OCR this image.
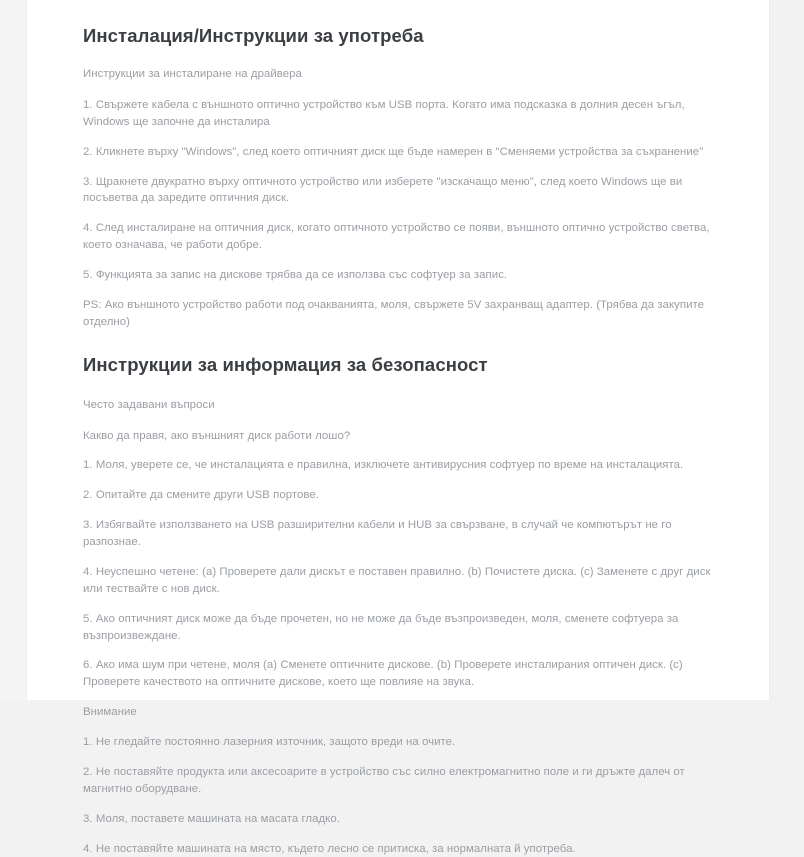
Инсталация/Инструкции за употреба

Инструкции за инсталиране на драйвера

1. Свържете кабела с външното оптично устройство към USB порта. Когато има подсказка в долния десен ъгъл, Windows ще започне да инсталира

2. Кликнете върху "Windows", след което оптичният диск ще бъде намерен в "Сменяеми устройства за съхранение"

3. Щракнете двукратно върху оптичното устройство или изберете "изскачащо меню", след което Windows ще ви посъветва да заредите оптичния диск.

4. След инсталиране на оптичния диск, когато оптичното устройство се появи, външното оптично устройство светва, което означава, че работи добре.

5. Функцията за запис на дискове трябва да се използва със софтуер за запис.

PS: Ако външното устройство работи под очакванията, моля, свържете 5V захранващ адаптер. (Трябва да закупите отделно)

Инструкции за информация за безопасност

Често задавани въпроси

Какво да правя, ако външният диск работи лошо?

1. Моля, уверете се, че инсталацията е правилна, изключете антивирусния софтуер по време на инсталацията.

2. Опитайте да смените други USB портове.

3. Избягвайте използването на USB разширителни кабели и HUB за свързване, в случай че компютърът не го разпознае.

4. Неуспешно четене: (a) Проверете дали дискът е поставен правилно. (b) Почистете диска. (c) Заменете с друг диск или тествайте с нов диск.

5. Ако оптичният диск може да бъде прочетен, но не може да бъде възпроизведен, моля, сменете софтуера за възпроизвеждане.

6. Ако има шум при четене, моля (a) Сменете оптичните дискове. (b) Проверете инсталирания оптичен диск. (c) Проверете качеството на оптичните дискове, което ще повлияе на звука.

Внимание

1. Не гледайте постоянно лазерния източник, защото вреди на очите.

2. Не поставяйте продукта или аксесоарите в устройство със силно електромагнитно поле и ги дръжте далеч от магнитно оборудване.

3. Моля, поставете машината на масата гладко.

4. Не поставяйте машината на място, където лесно се притиска, за нормалната й употреба.
